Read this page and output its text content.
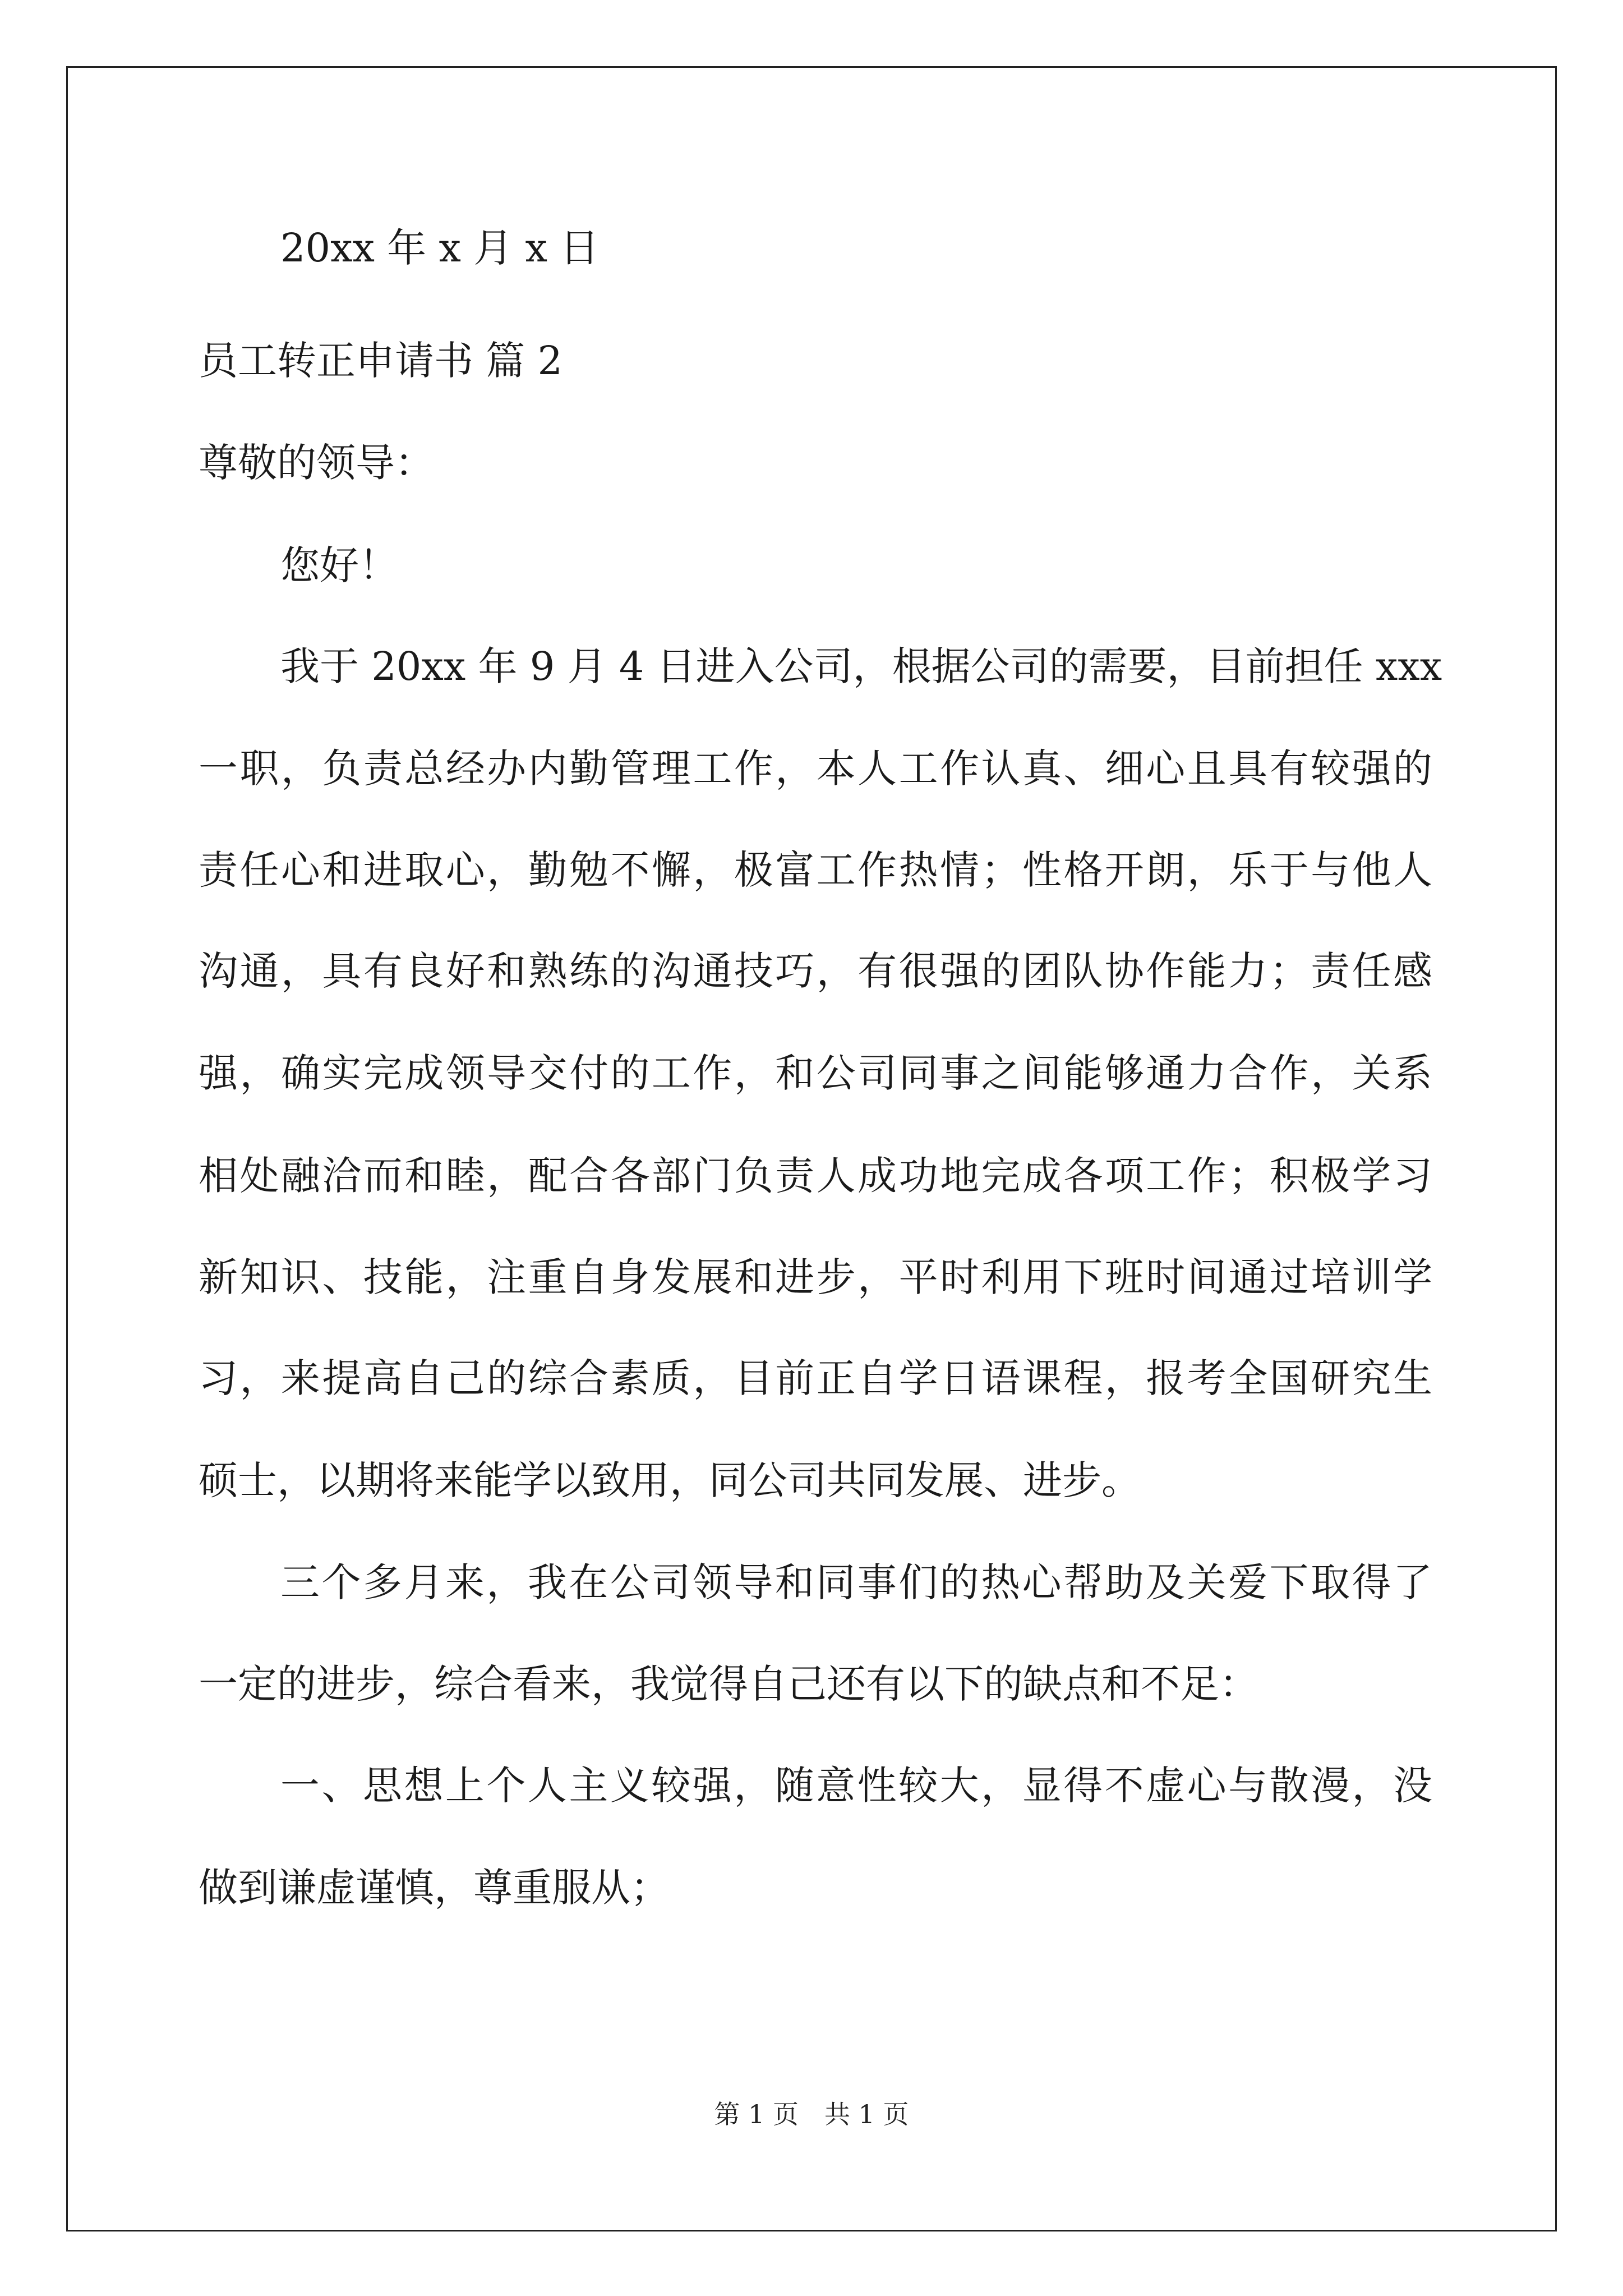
20xx 年 x 月 x 日
员工转正申请书 篇 2
尊敬的领导：
您好！
我于 20xx 年 9 月 4 日进入公司，根据公司的需要，目前担任 xxx
一职，负责总经办内勤管理工作，本人工作认真、细心且具有较强的
责任心和进取心，勤勉不懈，极富工作热情；性格开朗，乐于与他人
沟通，具有良好和熟练的沟通技巧，有很强的团队协作能力；责任感
强，确实完成领导交付的工作，和公司同事之间能够通力合作，关系
相处融洽而和睦，配合各部门负责人成功地完成各项工作；积极学习
新知识、技能，注重自身发展和进步，平时利用下班时间通过培训学
习，来提高自己的综合素质，目前正自学日语课程，报考全国研究生
硕士，以期将来能学以致用，同公司共同发展、进步。
三个多月来，我在公司领导和同事们的热心帮助及关爱下取得了
一定的进步，综合看来，我觉得自己还有以下的缺点和不足：
一、思想上个人主义较强，随意性较大，显得不虚心与散漫，没
做到谦虚谨慎，尊重服从；
第 1 页　共 1 页
